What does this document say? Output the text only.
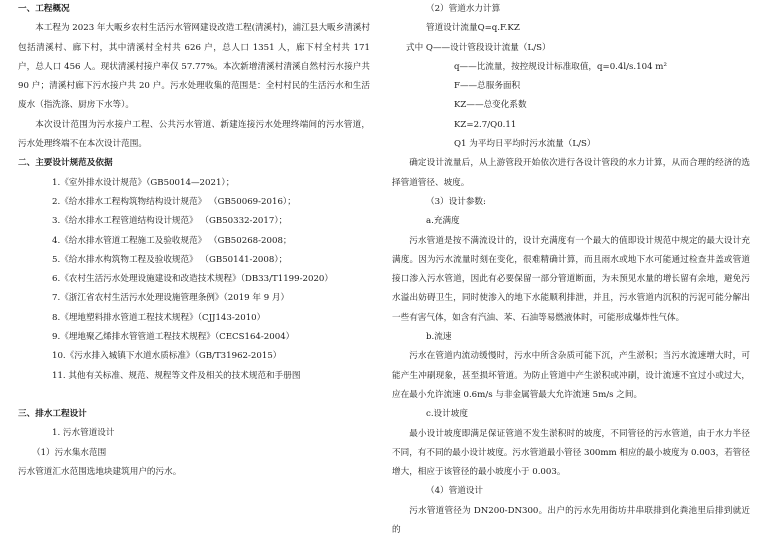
一、工程概况

本工程为 2023 年大畈乡农村生活污水管网建设改造工程(清溪村)，浦江县大畈乡清溪村包括清溪村、廊下村，其中清溪村全村共 626 户，总人口 1351 人，廊下村全村共 171 户，总人口 456 人。现状清溪村接户率仅 57.77%。本次新增清溪村清溪自然村污水接户共 90 户；清溪村廊下污水接户共 20 户。污水处理收集的范围是：全村村民的生活污水和生活废水（指洗涤、厨房下水等）。

本次设计范围为污水接户工程、公共污水管道、新建连接污水处理终端间的污水管道，污水处理终端不在本次设计范围。

二、主要设计规范及依据

1.《室外排水设计规范》（GB50014—2021）；

2.《给水排水工程构筑物结构设计规范》 （GB50069-2016）；

3.《给水排水工程管道结构设计规范》 （GB50332-2017）；

4.《给水排水管道工程施工及验收规范》 （GB50268-2008；

5.《给水排水构筑物工程及验收规范》 （GB50141-2008）；

6.《农村生活污水处理设施建设和改造技术规程》（DB33/T1199-2020）

7.《浙江省农村生活污水处理设施管理条例》（2019 年 9 月）

8.《埋地塑料排水管道工程技术规程》（CJJ143-2010）

9.《埋地聚乙烯排水管管道工程技术规程》（CECS164-2004）

10.《污水排入城镇下水道水质标准》（GB/T31962-2015）

11. 其他有关标准、规范、规程等文件及相关的技术规范和手册图

三、排水工程设计

1. 污水管道设计

（1）污水集水范围

污水管道汇水范围选地块建筑用户的污水。

（2）管道水力计算

管道设计流量Q=q.F.KZ

式中 Q——设计管段设计流量（L/S）

q——比流量，按控规设计标准取值，q=0.4l/s.104 m²

F——总服务面积

KZ——总变化系数

KZ=2.7/Q0.11

Q1 为平均日平均时污水流量（L/S）

确定设计流量后，从上游管段开始依次进行各设计管段的水力计算，从而合理的经济的选择管道管径、坡度。

（3）设计参数:

a.充满度

污水管道是按不满流设计的，设计充满度有一个最大的值即设计规范中规定的最大设计充满度。因为污水流量时刻在变化，很难精确计算，而且雨水或地下水可能通过检查井盖或管道接口渗入污水管道，因此有必要保留一部分管道断面，为未预见水量的增长留有余地，避免污水溢出妨碍卫生，同时使渗入的地下水能顺利排泄，并且，污水管道内沉积的污泥可能分解出一些有害气体，如含有汽油、苯、石油等易燃液体时，可能形成爆炸性气体。

b.流速

污水在管道内流动缓慢时，污水中所含杂质可能下沉，产生淤积；当污水流速增大时，可能产生冲刷现象，甚至损坏管道。为防止管道中产生淤积或冲刷，设计流速不宜过小或过大，应在最小允许流速 0.6m/s 与非金属管最大允许流速 5m/s 之间。

c.设计坡度

最小设计坡度即满足保证管道不发生淤积时的坡度，不同管径的污水管道，由于水力半径不同，有不同的最小设计坡度。污水管道最小管径 300mm 相应的最小坡度为 0.003，若管径增大，相应于该管径的最小坡度小于 0.003。

（4）管道设计

污水管道管径为 DN200-DN300。出户的污水先用街坊井串联排到化粪池里后排到就近的
